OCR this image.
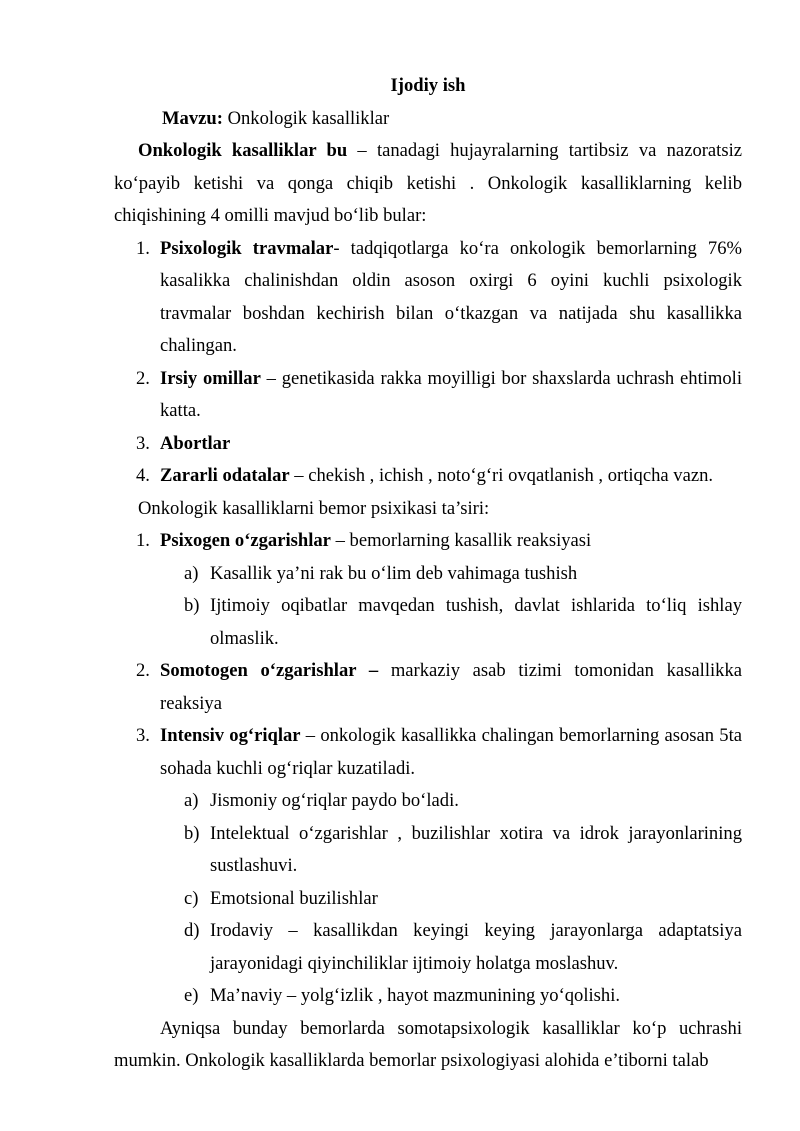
Ijodiy ish

Mavzu: Onkologik kasalliklar

Onkologik kasalliklar bu – tanadagi hujayralarning tartibsiz va nazoratsiz ko‘payib ketishi va qonga chiqib ketishi . Onkologik kasalliklarning kelib chiqishining 4 omilli mavjud bo‘lib bular:

1. Psixologik travmalar- tadqiqotlarga ko‘ra onkologik bemorlarning 76% kasalikka chalinishdan oldin asoson oxirgi 6 oyini kuchli psixologik travmalar boshdan kechirish bilan o‘tkazgan va natijada shu kasallikka chalingan.
2. Irsiy omillar – genetikasida rakka moyilligi bor shaxslarda uchrash ehtimoli katta.
3. Abortlar
4. Zararli odatalar – chekish , ichish , noto‘g‘ri ovqatlanish , ortiqcha vazn.

Onkologik kasalliklarni bemor psixikasi ta’siri:

1. Psixogen o‘zgarishlar – bemorlarning kasallik reaksiyasi
a) Kasallik ya’ni rak bu o‘lim deb vahimaga tushish
b) Ijtimoiy oqibatlar mavqedan tushish, davlat ishlarida to‘liq ishlay olmaslik.
2. Somotogen o‘zgarishlar – markaziy asab tizimi tomonidan kasallikka reaksiya
3. Intensiv og‘riqlar – onkologik kasallikka chalingan bemorlarning asosan 5ta sohada kuchli og‘riqlar kuzatiladi.
a) Jismoniy og‘riqlar paydo bo‘ladi.
b) Intelektual o‘zgarishlar , buzilishlar xotira va idrok jarayonlarining sustlashuvi.
c) Emotsional buzilishlar
d) Irodaviy – kasallikdan keyingi keying jarayonlarga adaptatsiya jarayonidagi qiyinchiliklar ijtimoiy holatga moslashuv.
e) Ma’naviy – yolg‘izlik , hayot mazmunining yo‘qolishi.

Ayniqsa bunday bemorlarda somotapsixologik kasalliklar ko‘p uchrashi mumkin. Onkologik kasalliklarda bemorlar psixologiyasi alohida e’tiborni talab
